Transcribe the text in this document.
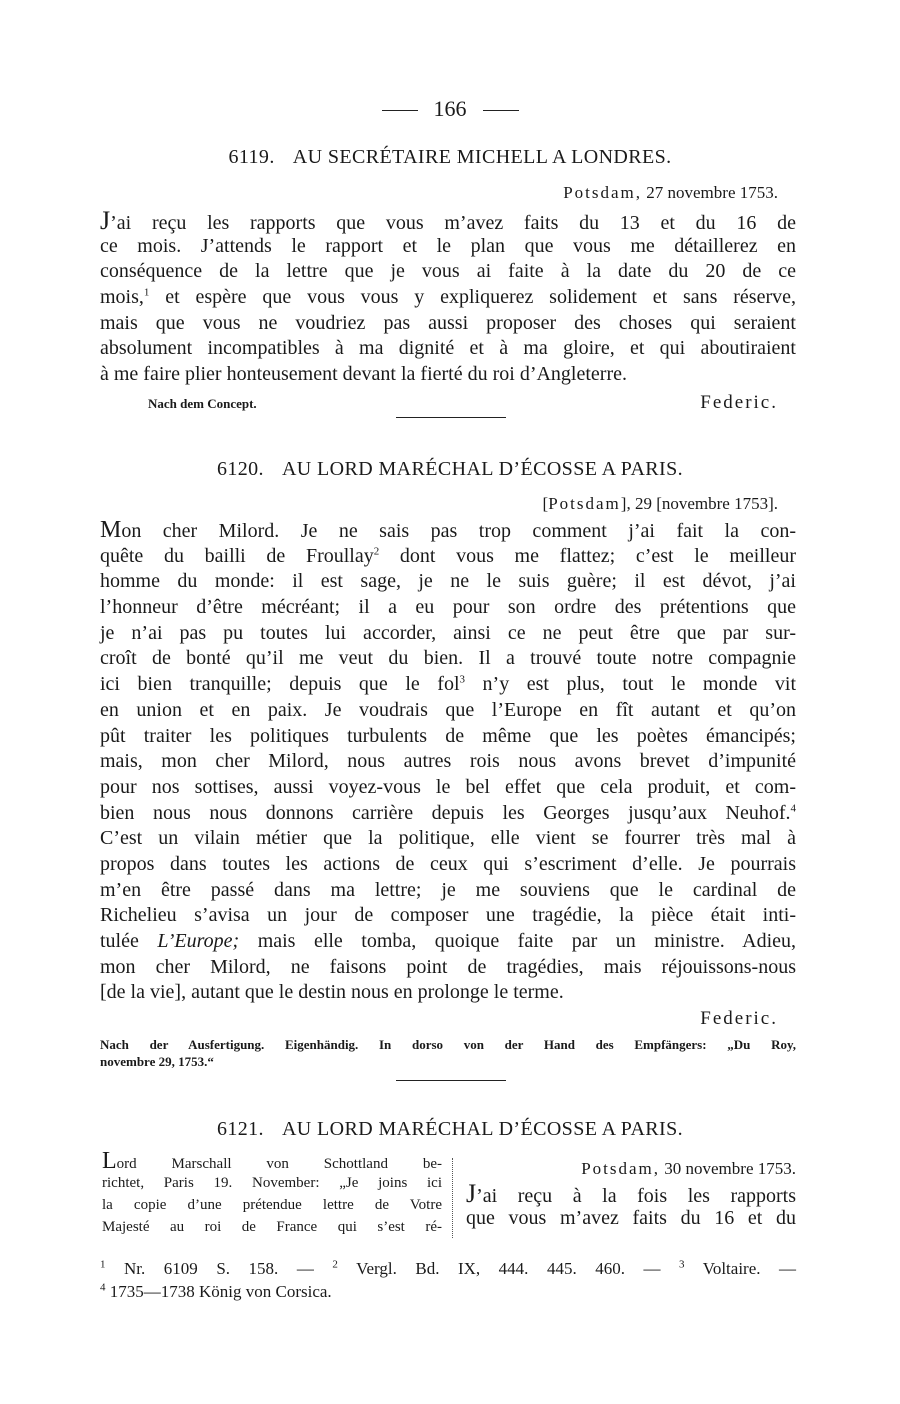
166
6119. AU SECRÉTAIRE MICHELL A LONDRES.
Potsdam, 27 novembre 1753.
J’ai reçu les rapports que vous m’avez faits du 13 et du 16 de
ce mois. J’attends le rapport et le plan que vous me détaillerez en
conséquence de la lettre que je vous ai faite à la date du 20 de ce
mois,$^1$ et espère que vous vous y expliquerez solidement et sans réserve,
mais que vous ne voudriez pas aussi proposer des choses qui seraient
absolument incompatibles à ma dignité et à ma gloire, et qui aboutiraient
à me faire plier honteusement devant la fierté du roi d’Angleterre.
Nach dem Concept.	Federic.
6120. AU LORD MARÉCHAL D’ÉCOSSE A PARIS.
[Potsdam], 29 [novembre 1753].
Mon cher Milord. Je ne sais pas trop comment j’ai fait la con-
quête du bailli de Froullay$^2$ dont vous me flattez; c’est le meilleur
homme du monde: il est sage, je ne le suis guère; il est dévot, j’ai
l’honneur d’être mécréant; il a eu pour son ordre des prétentions que
je n’ai pas pu toutes lui accorder, ainsi ce ne peut être que par sur-
croît de bonté qu’il me veut du bien. Il a trouvé toute notre compagnie
ici bien tranquille; depuis que le fol$^3$ n’y est plus, tout le monde vit
en union et en paix. Je voudrais que l’Europe en fît autant et qu’on
pût traiter les politiques turbulents de même que les poètes émancipés;
mais, mon cher Milord, nous autres rois nous avons brevet d’impunité
pour nos sottises, aussi voyez-vous le bel effet que cela produit, et com-
bien nous nous donnons carrière depuis les Georges jusqu’aux Neuhof.$^4$
C’est un vilain métier que la politique, elle vient se fourrer très mal à
propos dans toutes les actions de ceux qui s’escriment d’elle. Je pourrais
m’en être passé dans ma lettre; je me souviens que le cardinal de
Richelieu s’avisa un jour de composer une tragédie, la pièce était inti-
tulée L’Europe; mais elle tomba, quoique faite par un ministre. Adieu,
mon cher Milord, ne faisons point de tragédies, mais réjouissons-nous
[de la vie], autant que le destin nous en prolonge le terme.
Federic.
Nach der Ausfertigung. Eigenhändig. In dorso von der Hand des Empfängers: „Du Roy,
novembre 29, 1753.“
6121. AU LORD MARÉCHAL D’ÉCOSSE A PARIS.
Lord Marschall von Schottland be-
richtet, Paris 19. November: „Je joins ici
la copie d’une prétendue lettre de Votre
Majesté au roi de France qui s’est ré-
Potsdam, 30 novembre 1753.
J’ai reçu à la fois les rapports
que vous m’avez faits du 16 et du
$^1$ Nr. 6109 S. 158. — $^2$ Vergl. Bd. IX, 444. 445. 460. — $^3$ Voltaire. —
$^4$ 1735—1738 König von Corsica.
